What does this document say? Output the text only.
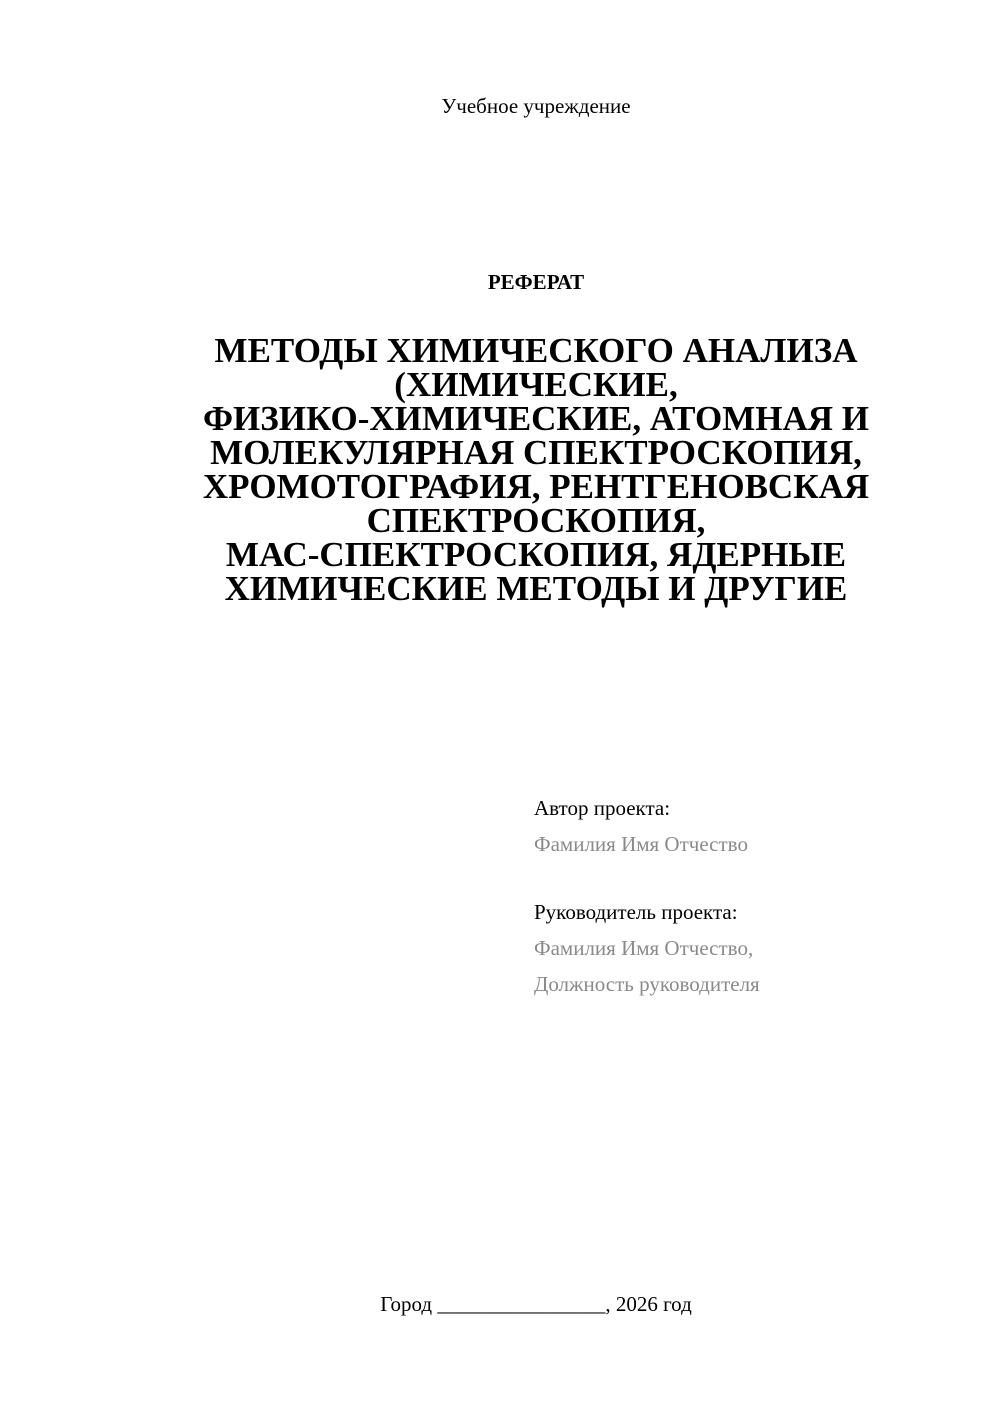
Учебное учреждение
РЕФЕРАТ
МЕТОДЫ ХИМИЧЕСКОГО АНАЛИЗА
(ХИМИЧЕСКИЕ,
ФИЗИКО-ХИМИЧЕСКИЕ, АТОМНАЯ И
МОЛЕКУЛЯРНАЯ СПЕКТРОСКОПИЯ,
ХРОМОТОГРАФИЯ, РЕНТГЕНОВСКАЯ
СПЕКТРОСКОПИЯ,
МАС-СПЕКТРОСКОПИЯ, ЯДЕРНЫЕ
ХИМИЧЕСКИЕ МЕТОДЫ И ДРУГИЕ
Автор проекта:
Фамилия Имя Отчество
Руководитель проекта:
Фамилия Имя Отчество,
Должность руководителя
Город ________________, 2026 год
